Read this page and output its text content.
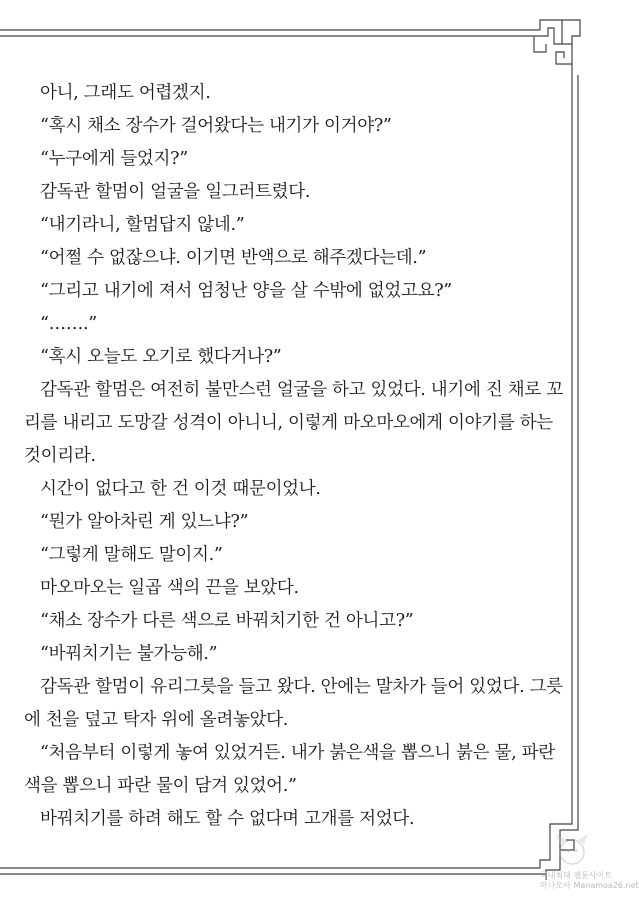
아니, 그래도 어렵겠지.
“혹시 채소 장수가 걸어왔다는 내기가 이거야?”
“누구에게 들었지?”
감독관 할멈이 얼굴을 일그러트렸다.
“내기라니, 할멈답지 않네.”
“어쩔 수 없잖으냐. 이기면 반액으로 해주겠다는데.”
“그리고 내기에 져서 엄청난 양을 살 수밖에 없었고요?”
“…….”
“혹시 오늘도 오기로 했다거나?”
감독관 할멈은 여전히 불만스런 얼굴을 하고 있었다. 내기에 진 채로 꼬
리를 내리고 도망갈 성격이 아니니, 이렇게 마오마오에게 이야기를 하는
것이리라.
시간이 없다고 한 건 이것 때문이었나.
“뭔가 알아차린 게 있느냐?”
“그렇게 말해도 말이지.”
마오마오는 일곱 색의 끈을 보았다.
“채소 장수가 다른 색으로 바꿔치기한 건 아니고?”
“바꿔치기는 불가능해.”
감독관 할멈이 유리그릇을 들고 왔다. 안에는 말차가 들어 있었다. 그릇
에 천을 덮고 탁자 위에 올려놓았다.
“처음부터 이렇게 놓여 있었거든. 내가 붉은색을 뽑으니 붉은 물, 파란
색을 뽑으니 파란 물이 담겨 있었어.”
바꿔치기를 하려 해도 할 수 없다며 고개를 저었다.
국내최대 웹툰사이트
마나모아 Manamoa26.net
